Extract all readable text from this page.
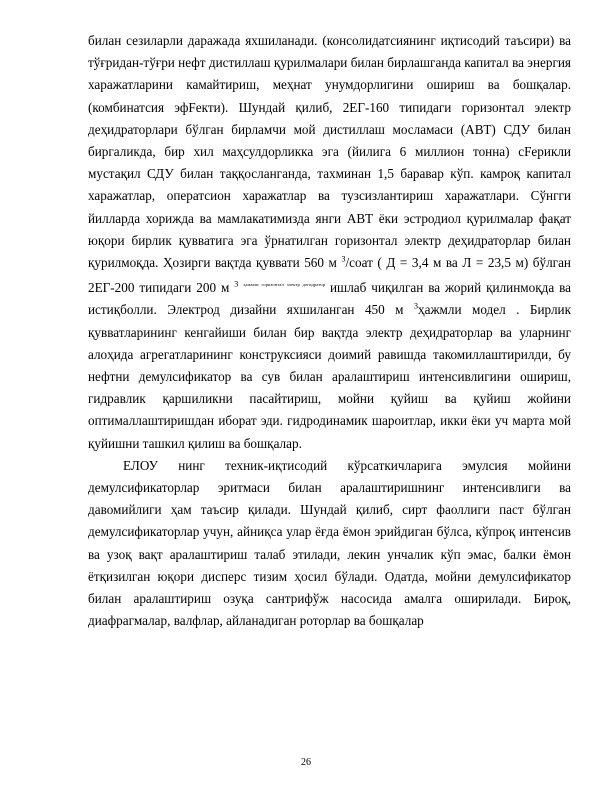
билан сезиларли даражада яхшиланади. (консолидатсиянинг иқтисодий таъсири) ва тўғридан-тўғри нефт дистиллаш қурилмалари билан бирлашганда капитал ва энергия харажатларини камайтириш, меҳнат унумдорлигини ошириш ва бошқалар. (комбинатсия эфFекти). Шундай қилиб, 2ЕГ-160 типидаги горизонтал электр деҳидраторлари бўлган бирламчи мой дистиллаш мосламаси (АВТ) СДУ билан биргаликда, бир хил маҳсулдорликка эга (йилига 6 миллион тонна) сFерикли мустақил СДУ билан таққосланганда, тахминан 1,5 баравар кўп. камроқ капитал харажатлар, оператсион харажатлар ва тузсизлантириш харажатлари. Сўнгги йилларда хорижда ва мамлакатимизда янги АВТ ёки эстродиол қурилмалар фақат юқори бирлик қувватига эга ўрнатилган горизонтал электр деҳидраторлар билан қурилмоқда. Ҳозирги вақтда қуввати 560 м $^3$/соат ( Д = 3,4 м ва Л = 23,5 м) бўлган 2ЕГ-200 типидаги 200 м $^3$ $^{ҳажмли горизонтал электр дегидратор}$ ишлаб чиқилган ва жорий қилинмоқда ва истиқболли. Электрод дизайни яхшиланган 450 м $^3$ҳажмли модел . Бирлик қувватларининг кенгайиши билан бир вақтда электр деҳидраторлар ва уларнинг алоҳида агрегатларининг конструксияси доимий равишда такомиллаштирилди, бу нефтни демулсификатор ва сув билан аралаштириш интенсивлигини ошириш, гидравлик қаршиликни пасайтириш, мойни қуйиш ва қуйиш жойини оптималлаштиришдан иборат эди. гидродинамик шароитлар, икки ёки уч марта мой қуйишни ташкил қилиш ва бошқалар.

ЕЛОУ нинг техник-иқтисодий кўрсаткичларига эмулсия мойини демулсификаторлар эритмаси билан аралаштиришнинг интенсивлиги ва давомийлиги ҳам таъсир қилади. Шундай қилиб, сирт фаоллиги паст бўлган демулсификаторлар учун, айниқса улар ёғда ёмон эрийдиган бўлса, кўпроқ интенсив ва узоқ вақт аралаштириш талаб этилади, лекин унчалик кўп эмас, балки ёмон ётқизилган юқори дисперс тизим ҳосил бўлади. Одатда, мойни демулсификатор билан аралаштириш озуқа сантрифўж насосида амалга оширилади. Бироқ, диафрагмалар, валфлар, айланадиган роторлар ва бошқалар

26
